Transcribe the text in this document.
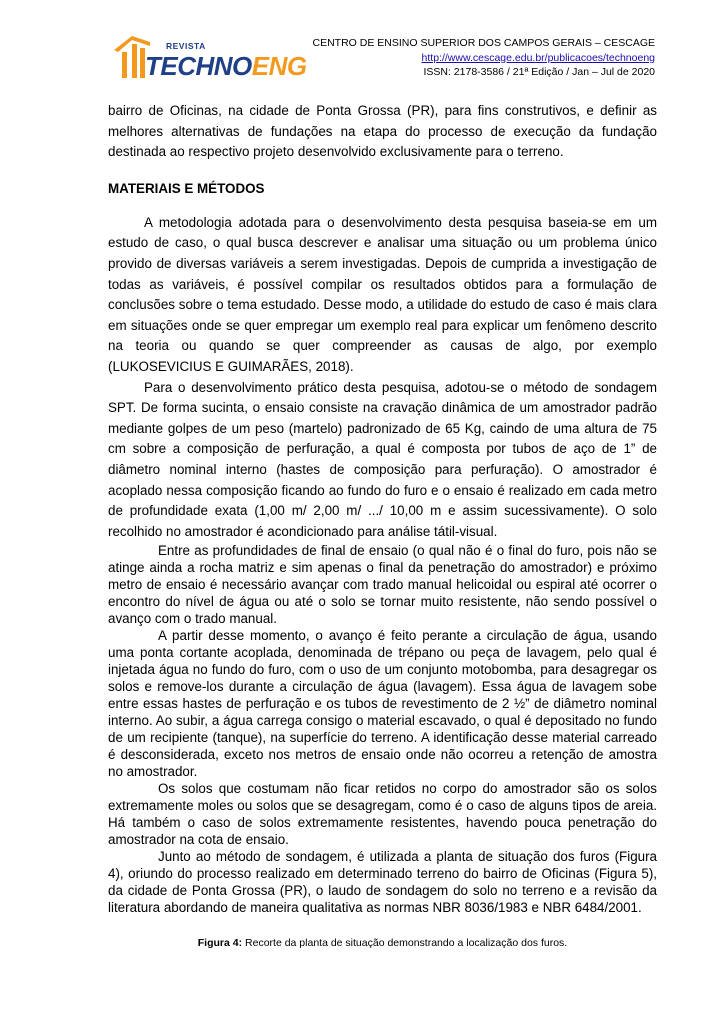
REVISTA
TECHNOENG
CENTRO DE ENSINO SUPERIOR DOS CAMPOS GERAIS – CESCAGE
http://www.cescage.edu.br/publicacoes/technoeng
ISSN: 2178-3586 / 21ª Edição / Jan – Jul de 2020

bairro de Oficinas, na cidade de Ponta Grossa (PR), para fins construtivos, e definir as melhores alternativas de fundações na etapa do processo de execução da fundação destinada ao respectivo projeto desenvolvido exclusivamente para o terreno.

MATERIAIS E MÉTODOS

A metodologia adotada para o desenvolvimento desta pesquisa baseia-se em um estudo de caso, o qual busca descrever e analisar uma situação ou um problema único provido de diversas variáveis a serem investigadas. Depois de cumprida a investigação de todas as variáveis, é possível compilar os resultados obtidos para a formulação de conclusões sobre o tema estudado. Desse modo, a utilidade do estudo de caso é mais clara em situações onde se quer empregar um exemplo real para explicar um fenômeno descrito na teoria ou quando se quer compreender as causas de algo, por exemplo (LUKOSEVICIUS E GUIMARÃES, 2018).

Para o desenvolvimento prático desta pesquisa, adotou-se o método de sondagem SPT. De forma sucinta, o ensaio consiste na cravação dinâmica de um amostrador padrão mediante golpes de um peso (martelo) padronizado de 65 Kg, caindo de uma altura de 75 cm sobre a composição de perfuração, a qual é composta por tubos de aço de 1” de diâmetro nominal interno (hastes de composição para perfuração). O amostrador é acoplado nessa composição ficando ao fundo do furo e o ensaio é realizado em cada metro de profundidade exata (1,00 m/ 2,00 m/ .../ 10,00 m e assim sucessivamente). O solo recolhido no amostrador é acondicionado para análise tátil-visual.

Entre as profundidades de final de ensaio (o qual não é o final do furo, pois não se atinge ainda a rocha matriz e sim apenas o final da penetração do amostrador) e próximo metro de ensaio é necessário avançar com trado manual helicoidal ou espiral até ocorrer o encontro do nível de água ou até o solo se tornar muito resistente, não sendo possível o avanço com o trado manual.

A partir desse momento, o avanço é feito perante a circulação de água, usando uma ponta cortante acoplada, denominada de trépano ou peça de lavagem, pelo qual é injetada água no fundo do furo, com o uso de um conjunto motobomba, para desagregar os solos e remove-los durante a circulação de água (lavagem). Essa água de lavagem sobe entre essas hastes de perfuração e os tubos de revestimento de 2 ½” de diâmetro nominal interno. Ao subir, a água carrega consigo o material escavado, o qual é depositado no fundo de um recipiente (tanque), na superfície do terreno. A identificação desse material carreado é desconsiderada, exceto nos metros de ensaio onde não ocorreu a retenção de amostra no amostrador.

Os solos que costumam não ficar retidos no corpo do amostrador são os solos extremamente moles ou solos que se desagregam, como é o caso de alguns tipos de areia. Há também o caso de solos extremamente resistentes, havendo pouca penetração do amostrador na cota de ensaio.

Junto ao método de sondagem, é utilizada a planta de situação dos furos (Figura 4), oriundo do processo realizado em determinado terreno do bairro de Oficinas (Figura 5), da cidade de Ponta Grossa (PR), o laudo de sondagem do solo no terreno e a revisão da literatura abordando de maneira qualitativa as normas NBR 8036/1983 e NBR 6484/2001.

Figura 4: Recorte da planta de situação demonstrando a localização dos furos.
